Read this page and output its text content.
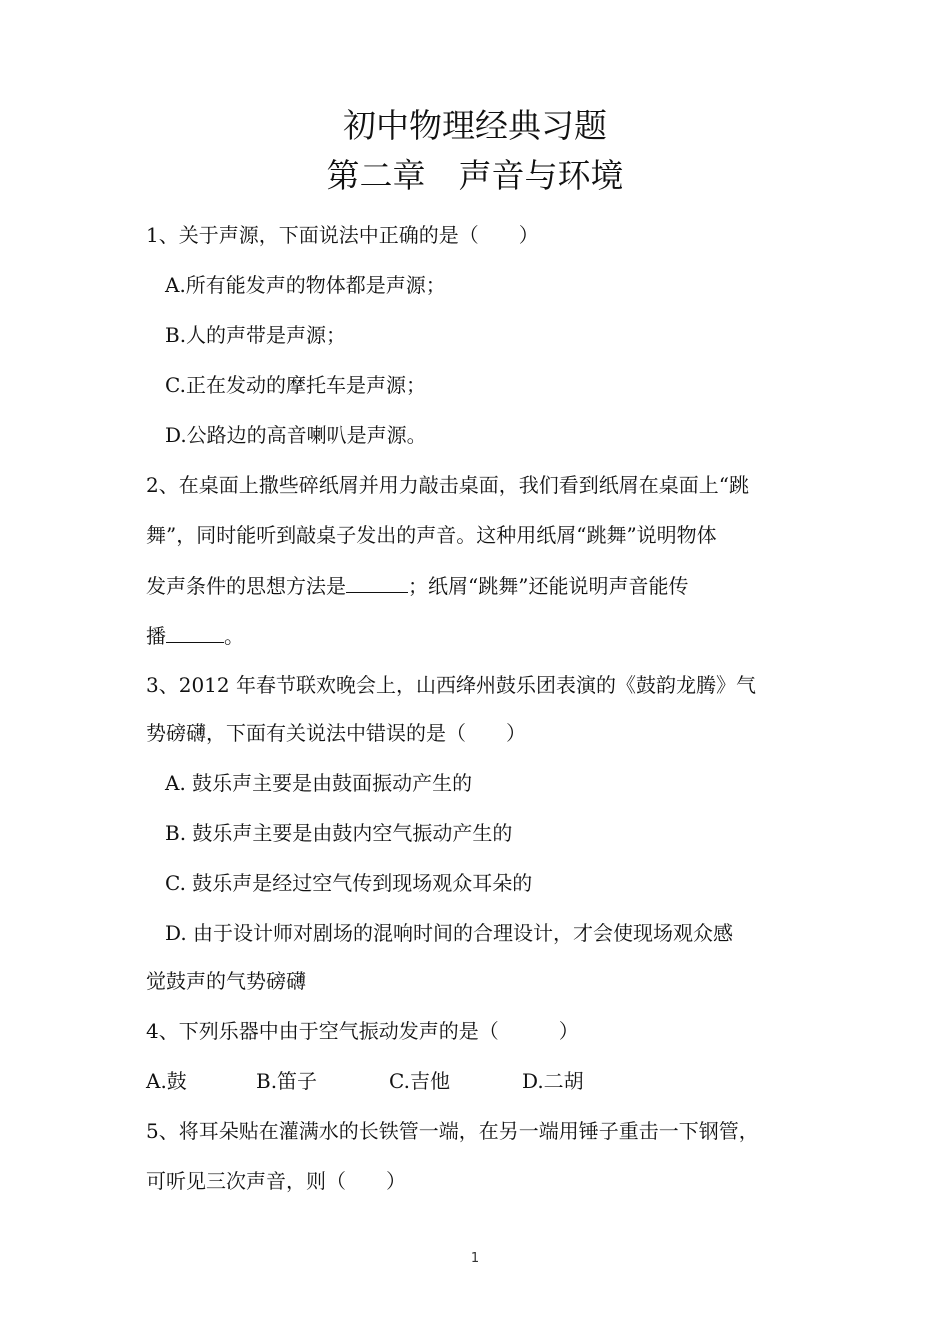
初中物理经典习题
第二章　声音与环境
1、关于声源，下面说法中正确的是（　　）
A.所有能发声的物体都是声源；
B.人的声带是声源；
C.正在发动的摩托车是声源；
D.公路边的高音喇叭是声源。
2、在桌面上撒些碎纸屑并用力敲击桌面，我们看到纸屑在桌面上“跳
舞”，同时能听到敲桌子发出的声音。这种用纸屑“跳舞”说明物体
发声条件的思想方法是	；纸屑“跳舞”还能说明声音能传
播	。
3、2012 年春节联欢晚会上，山西绛州鼓乐团表演的《鼓韵龙腾》气
势磅礴，下面有关说法中错误的是（　　）
A. 鼓乐声主要是由鼓面振动产生的
B. 鼓乐声主要是由鼓内空气振动产生的
C. 鼓乐声是经过空气传到现场观众耳朵的
D. 由于设计师对剧场的混响时间的合理设计，才会使现场观众感
觉鼓声的气势磅礴
4、下列乐器中由于空气振动发声的是（　　　）
A.鼓	B.笛子	C.吉他	D.二胡
5、将耳朵贴在灌满水的长铁管一端，在另一端用锤子重击一下钢管，
可听见三次声音，则（　　）
1
